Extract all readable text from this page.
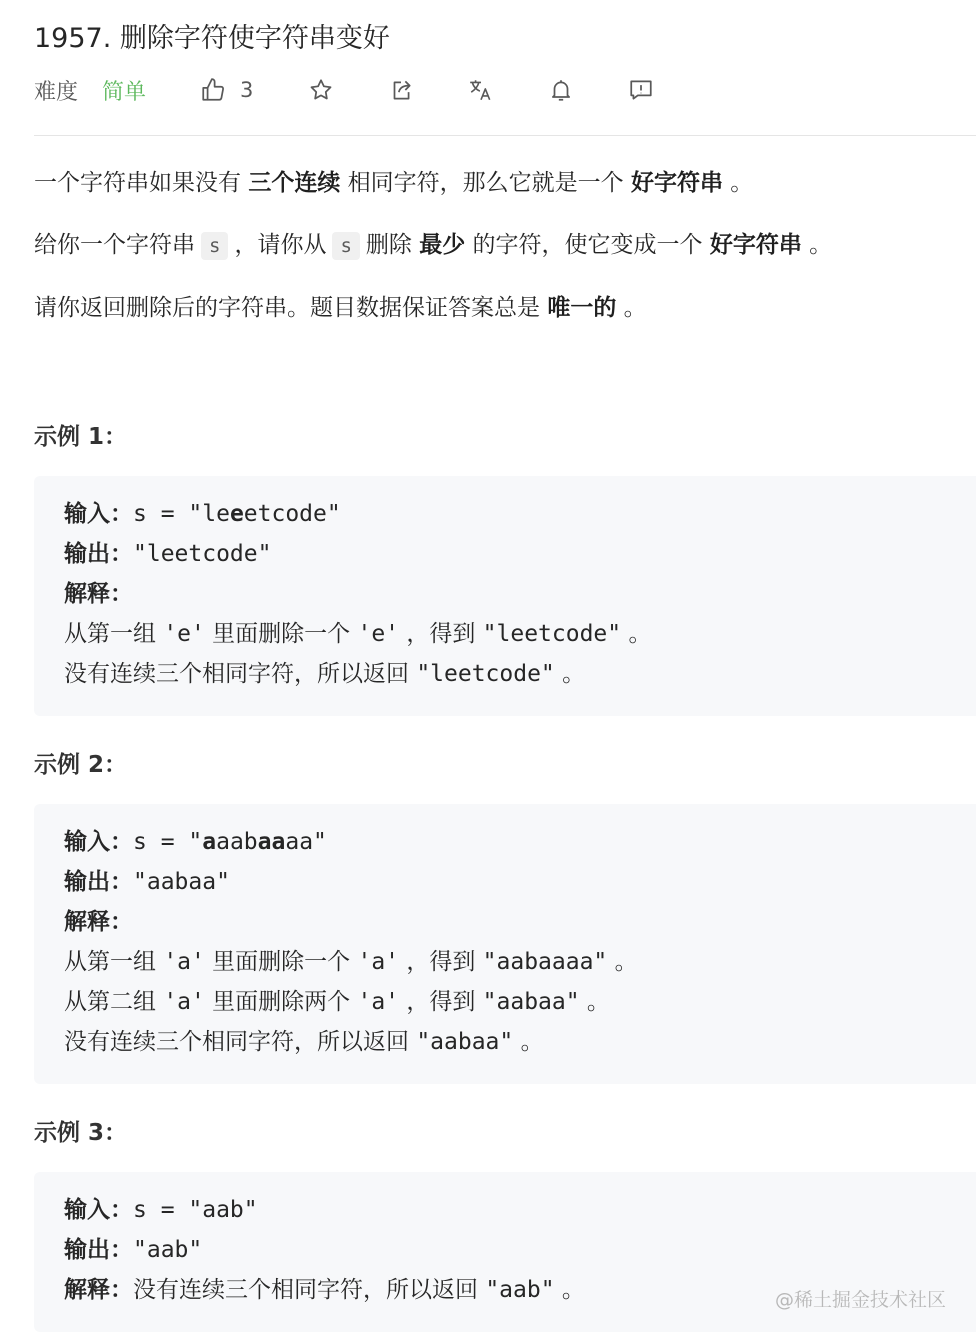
1957. 删除字符使字符串变好
难度 简单	3
一个字符串如果没有 三个连续 相同字符，那么它就是一个 好字符串 。
给你一个字符串 s ，请你从 s 删除 最少 的字符，使它变成一个 好字符串 。
请你返回删除后的字符串。题目数据保证答案总是 唯一的 。
示例 1：
输入：s = "leeetcode"
输出："leetcode"
解释：
从第一组 'e' 里面删除一个 'e' ，得到 "leetcode" 。
没有连续三个相同字符，所以返回 "leetcode" 。
示例 2：
输入：s = "aaabaaaa"
输出："aabaa"
解释：
从第一组 'a' 里面删除一个 'a' ，得到 "aabaaaa" 。
从第二组 'a' 里面删除两个 'a' ，得到 "aabaa" 。
没有连续三个相同字符，所以返回 "aabaa" 。
示例 3：
输入：s = "aab"
输出："aab"
解释：没有连续三个相同字符，所以返回 "aab" 。	@稀土掘金技术社区
